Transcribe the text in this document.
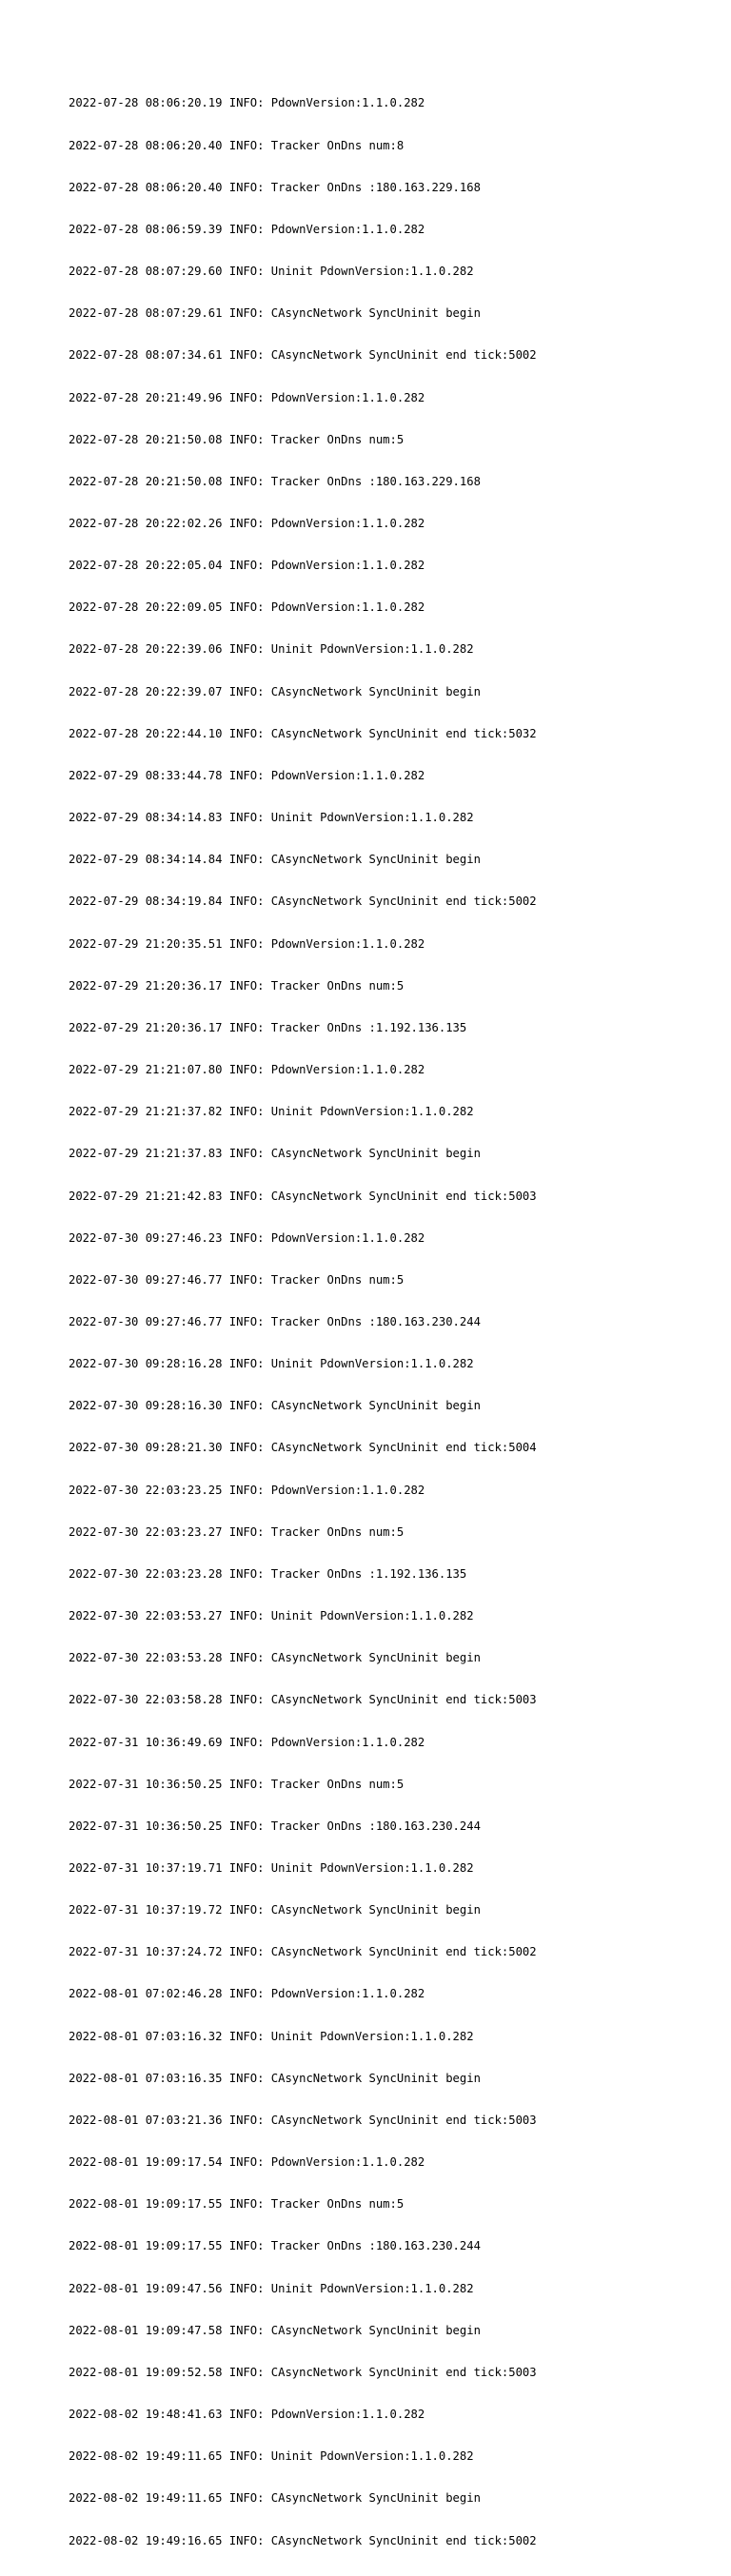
2022-07-28 08:06:20.19 INFO: PdownVersion:1.1.0.282

2022-07-28 08:06:20.40 INFO: Tracker OnDns num:8

2022-07-28 08:06:20.40 INFO: Tracker OnDns :180.163.229.168

2022-07-28 08:06:59.39 INFO: PdownVersion:1.1.0.282

2022-07-28 08:07:29.60 INFO: Uninit PdownVersion:1.1.0.282

2022-07-28 08:07:29.61 INFO: CAsyncNetwork SyncUninit begin

2022-07-28 08:07:34.61 INFO: CAsyncNetwork SyncUninit end tick:5002

2022-07-28 20:21:49.96 INFO: PdownVersion:1.1.0.282

2022-07-28 20:21:50.08 INFO: Tracker OnDns num:5

2022-07-28 20:21:50.08 INFO: Tracker OnDns :180.163.229.168

2022-07-28 20:22:02.26 INFO: PdownVersion:1.1.0.282

2022-07-28 20:22:05.04 INFO: PdownVersion:1.1.0.282

2022-07-28 20:22:09.05 INFO: PdownVersion:1.1.0.282

2022-07-28 20:22:39.06 INFO: Uninit PdownVersion:1.1.0.282

2022-07-28 20:22:39.07 INFO: CAsyncNetwork SyncUninit begin

2022-07-28 20:22:44.10 INFO: CAsyncNetwork SyncUninit end tick:5032

2022-07-29 08:33:44.78 INFO: PdownVersion:1.1.0.282

2022-07-29 08:34:14.83 INFO: Uninit PdownVersion:1.1.0.282

2022-07-29 08:34:14.84 INFO: CAsyncNetwork SyncUninit begin

2022-07-29 08:34:19.84 INFO: CAsyncNetwork SyncUninit end tick:5002

2022-07-29 21:20:35.51 INFO: PdownVersion:1.1.0.282

2022-07-29 21:20:36.17 INFO: Tracker OnDns num:5

2022-07-29 21:20:36.17 INFO: Tracker OnDns :1.192.136.135

2022-07-29 21:21:07.80 INFO: PdownVersion:1.1.0.282

2022-07-29 21:21:37.82 INFO: Uninit PdownVersion:1.1.0.282

2022-07-29 21:21:37.83 INFO: CAsyncNetwork SyncUninit begin

2022-07-29 21:21:42.83 INFO: CAsyncNetwork SyncUninit end tick:5003

2022-07-30 09:27:46.23 INFO: PdownVersion:1.1.0.282

2022-07-30 09:27:46.77 INFO: Tracker OnDns num:5

2022-07-30 09:27:46.77 INFO: Tracker OnDns :180.163.230.244

2022-07-30 09:28:16.28 INFO: Uninit PdownVersion:1.1.0.282

2022-07-30 09:28:16.30 INFO: CAsyncNetwork SyncUninit begin

2022-07-30 09:28:21.30 INFO: CAsyncNetwork SyncUninit end tick:5004

2022-07-30 22:03:23.25 INFO: PdownVersion:1.1.0.282

2022-07-30 22:03:23.27 INFO: Tracker OnDns num:5

2022-07-30 22:03:23.28 INFO: Tracker OnDns :1.192.136.135

2022-07-30 22:03:53.27 INFO: Uninit PdownVersion:1.1.0.282

2022-07-30 22:03:53.28 INFO: CAsyncNetwork SyncUninit begin

2022-07-30 22:03:58.28 INFO: CAsyncNetwork SyncUninit end tick:5003

2022-07-31 10:36:49.69 INFO: PdownVersion:1.1.0.282

2022-07-31 10:36:50.25 INFO: Tracker OnDns num:5

2022-07-31 10:36:50.25 INFO: Tracker OnDns :180.163.230.244

2022-07-31 10:37:19.71 INFO: Uninit PdownVersion:1.1.0.282

2022-07-31 10:37:19.72 INFO: CAsyncNetwork SyncUninit begin

2022-07-31 10:37:24.72 INFO: CAsyncNetwork SyncUninit end tick:5002

2022-08-01 07:02:46.28 INFO: PdownVersion:1.1.0.282

2022-08-01 07:03:16.32 INFO: Uninit PdownVersion:1.1.0.282

2022-08-01 07:03:16.35 INFO: CAsyncNetwork SyncUninit begin

2022-08-01 07:03:21.36 INFO: CAsyncNetwork SyncUninit end tick:5003

2022-08-01 19:09:17.54 INFO: PdownVersion:1.1.0.282

2022-08-01 19:09:17.55 INFO: Tracker OnDns num:5

2022-08-01 19:09:17.55 INFO: Tracker OnDns :180.163.230.244

2022-08-01 19:09:47.56 INFO: Uninit PdownVersion:1.1.0.282

2022-08-01 19:09:47.58 INFO: CAsyncNetwork SyncUninit begin

2022-08-01 19:09:52.58 INFO: CAsyncNetwork SyncUninit end tick:5003

2022-08-02 19:48:41.63 INFO: PdownVersion:1.1.0.282

2022-08-02 19:49:11.65 INFO: Uninit PdownVersion:1.1.0.282

2022-08-02 19:49:11.65 INFO: CAsyncNetwork SyncUninit begin

2022-08-02 19:49:16.65 INFO: CAsyncNetwork SyncUninit end tick:5002
